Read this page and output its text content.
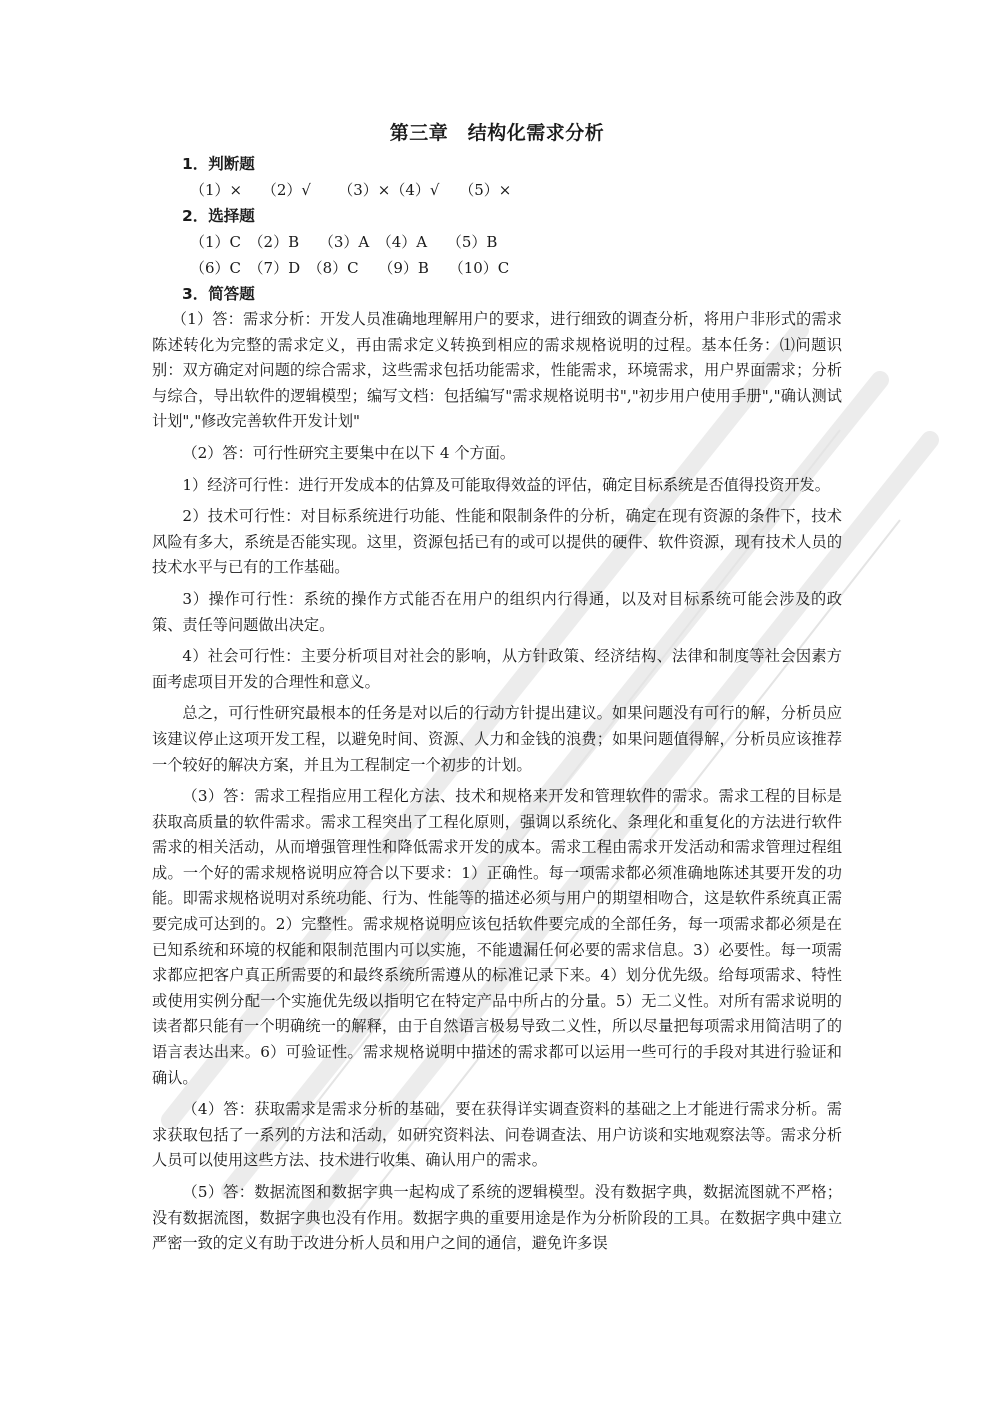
第三章　结构化需求分析
1．判断题
（1）×　 （2）√ 　　（3）×（4）√　 （5）×
2．选择题
（1）C　（2）B　 （3）A　（4）A　 （5）B
（6）C　（7）D　（8）C　 （9）B　 （10）C
3．简答题

（1）答：需求分析：开发人员准确地理解用户的要求，进行细致的调查分析，将用户非形式的需求陈述转化为完整的需求定义，再由需求定义转换到相应的需求规格说明的过程。基本任务：⑴问题识别：双方确定对问题的综合需求，这些需求包括功能需求，性能需求，环境需求，用户界面需求；分析与综合，导出软件的逻辑模型；编写文档：包括编写"需求规格说明书","初步用户使用手册","确认测试计划","修改完善软件开发计划"

（2）答：可行性研究主要集中在以下 4 个方面。

1）经济可行性：进行开发成本的估算及可能取得效益的评估，确定目标系统是否值得投资开发。

2）技术可行性：对目标系统进行功能、性能和限制条件的分析，确定在现有资源的条件下，技术风险有多大，系统是否能实现。这里，资源包括已有的或可以提供的硬件、软件资源，现有技术人员的技术水平与已有的工作基础。

3）操作可行性：系统的操作方式能否在用户的组织内行得通，以及对目标系统可能会涉及的政策、责任等问题做出决定。

4）社会可行性：主要分析项目对社会的影响，从方针政策、经济结构、法律和制度等社会因素方面考虑项目开发的合理性和意义。

总之，可行性研究最根本的任务是对以后的行动方针提出建议。如果问题没有可行的解，分析员应该建议停止这项开发工程，以避免时间、资源、人力和金钱的浪费；如果问题值得解，分析员应该推荐一个较好的解决方案，并且为工程制定一个初步的计划。

（3）答：需求工程指应用工程化方法、技术和规格来开发和管理软件的需求。需求工程的目标是获取高质量的软件需求。需求工程突出了工程化原则，强调以系统化、条理化和重复化的方法进行软件需求的相关活动，从而增强管理性和降低需求开发的成本。需求工程由需求开发活动和需求管理过程组成。一个好的需求规格说明应符合以下要求：1）正确性。每一项需求都必须准确地陈述其要开发的功能。即需求规格说明对系统功能、行为、性能等的描述必须与用户的期望相吻合，这是软件系统真正需要完成可达到的。2）完整性。需求规格说明应该包括软件要完成的全部任务，每一项需求都必须是在已知系统和环境的权能和限制范围内可以实施，不能遗漏任何必要的需求信息。3）必要性。每一项需求都应把客户真正所需要的和最终系统所需遵从的标准记录下来。4）划分优先级。给每项需求、特性或使用实例分配一个实施优先级以指明它在特定产品中所占的分量。5）无二义性。对所有需求说明的读者都只能有一个明确统一的解释，由于自然语言极易导致二义性，所以尽量把每项需求用简洁明了的语言表达出来。6）可验证性。需求规格说明中描述的需求都可以运用一些可行的手段对其进行验证和确认。

（4）答：获取需求是需求分析的基础，要在获得详实调查资料的基础之上才能进行需求分析。需求获取包括了一系列的方法和活动，如研究资料法、问卷调查法、用户访谈和实地观察法等。需求分析人员可以使用这些方法、技术进行收集、确认用户的需求。

（5）答：数据流图和数据字典一起构成了系统的逻辑模型。没有数据字典，数据流图就不严格；没有数据流图，数据字典也没有作用。数据字典的重要用途是作为分析阶段的工具。在数据字典中建立严密一致的定义有助于改进分析人员和用户之间的通信，避免许多误
